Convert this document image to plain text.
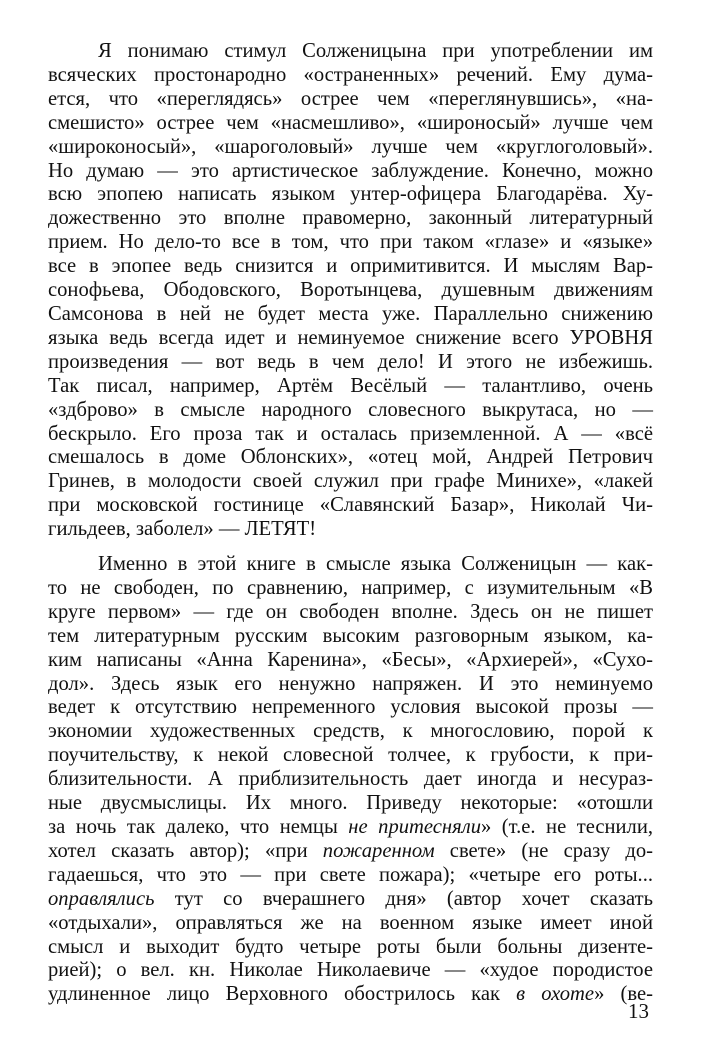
Я понимаю стимул Солженицына при употреблении им
всяческих простонародно «остраненных» речений. Ему дума-
ется, что «переглядясь» острее чем «переглянувшись», «на-
смешисто» острее чем «насмешливо», «широносый» лучше чем
«широконосый», «шароголовый» лучше чем «круглоголовый».
Но думаю — это артистическое заблуждение. Конечно, можно
всю эпопею написать языком унтер-офицера Благодарёва. Ху-
дожественно это вполне правомерно, законный литературный
прием. Но дело-то все в том, что при таком «глазе» и «языке»
все в эпопее ведь снизится и опримитивится. И мыслям Вар-
сонофьева, Ободовского, Воротынцева, душевным движениям
Самсонова в ней не будет места уже. Параллельно снижению
языка ведь всегда идет и неминуемое снижение всего УРОВНЯ
произведения — вот ведь в чем дело! И этого не избежишь.
Так писал, например, Артём Весёлый — талантливо, очень
«здброво» в смысле народного словесного выкрутаса, но —
бескрыло. Его проза так и осталась приземленной. А — «всё
смешалось в доме Облонских», «отец мой, Андрей Петрович
Гринев, в молодости своей служил при графе Минихе», «лакей
при московской гостинице «Славянский Базар», Николай Чи-
гильдеев, заболел» — ЛЕТЯТ!

Именно в этой книге в смысле языка Солженицын — как-
то не свободен, по сравнению, например, с изумительным «В
круге первом» — где он свободен вполне. Здесь он не пишет
тем литературным русским высоким разговорным языком, ка-
ким написаны «Анна Каренина», «Бесы», «Архиерей», «Сухо-
дол». Здесь язык его ненужно напряжен. И это неминуемо
ведет к отсутствию непременного условия высокой прозы —
экономии художественных средств, к многословию, порой к
поучительству, к некой словесной толчее, к грубости, к при-
близительности. А приблизительность дает иногда и несураз-
ные двусмыслицы. Их много. Приведу некоторые: «отошли
за ночь так далеко, что немцы не притесняли» (т.е. не теснили,
хотел сказать автор); «при пожаренном свете» (не сразу до-
гадаешься, что это — при свете пожара); «четыре его роты...
оправлялись тут со вчерашнего дня» (автор хочет сказать
«отдыхали», оправляться же на военном языке имеет иной
смысл и выходит будто четыре роты были больны дизенте-
рией); о вел. кн. Николае Николаевиче — «худое породистое
удлиненное лицо Верховного обострилось как в охоте» (ве-

13
